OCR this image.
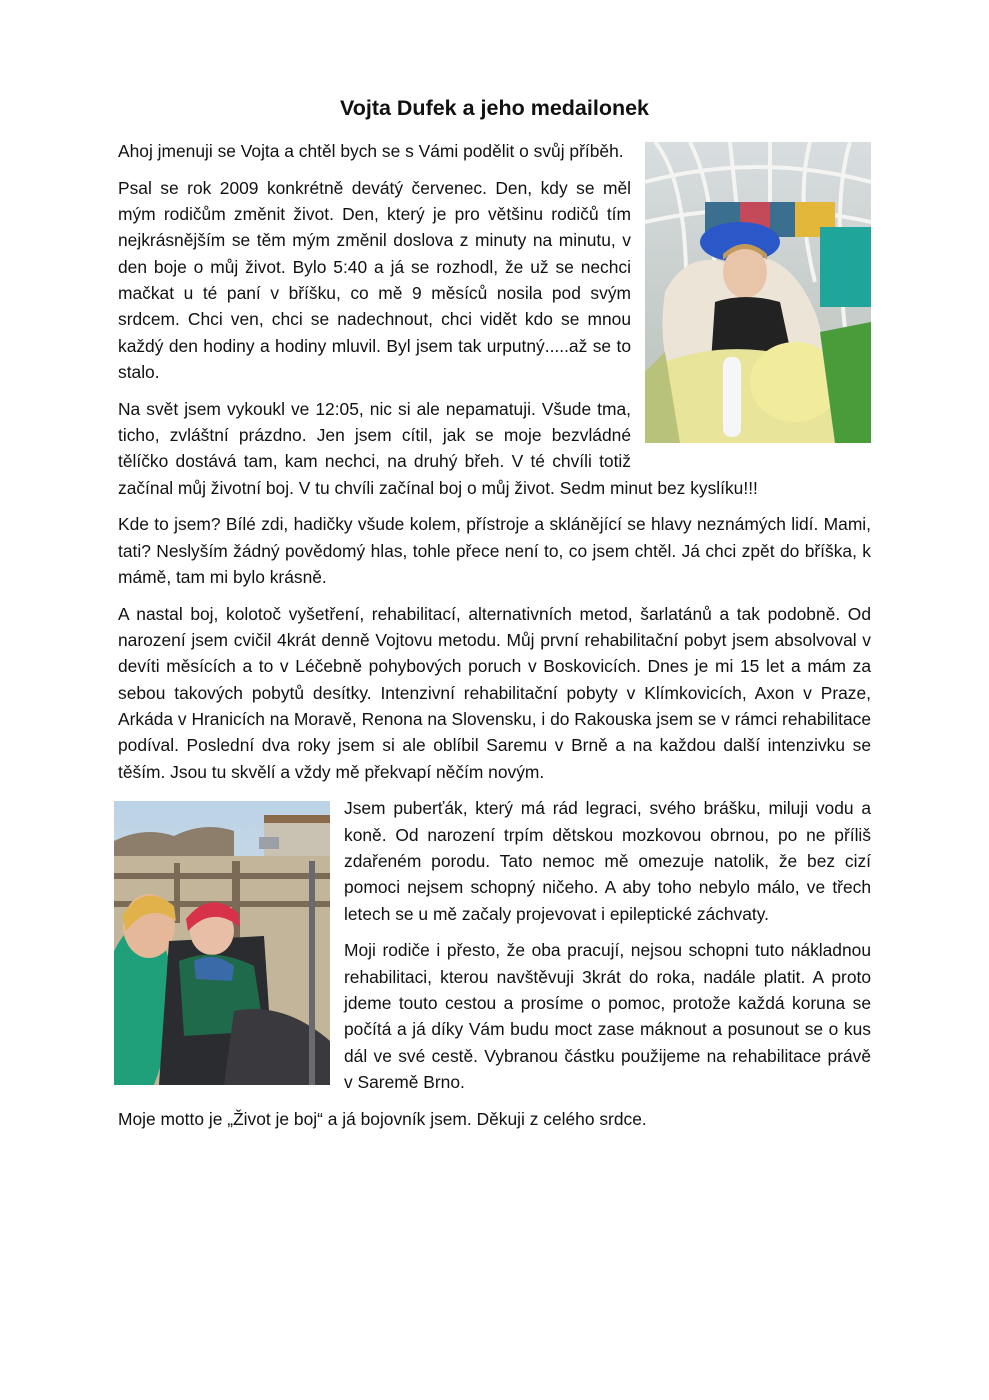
Vojta Dufek a jeho medailonek

Ahoj jmenuji se Vojta a chtěl bych se s Vámi podělit o svůj příběh.

Psal se rok 2009 konkrétně devátý červenec. Den, kdy se měl mým rodičům změnit život. Den, který je pro většinu rodičů tím nejkrásnějším se těm mým změnil doslova z minuty na minutu, v den boje o můj život. Bylo 5:40 a já se rozhodl, že už se nechci mačkat u té paní v bříšku, co mě 9 měsíců nosila pod svým srdcem. Chci ven, chci se nadechnout, chci vidět kdo se mnou každý den hodiny a hodiny mluvil. Byl jsem tak urputný.....až se to stalo.

Na svět jsem vykoukl ve 12:05, nic si ale nepamatuji. Všude tma, ticho, zvláštní prázdno. Jen jsem cítil, jak se moje bezvládné tělíčko dostává tam, kam nechci, na druhý břeh. V té chvíli totiž začínal můj životní boj. V tu chvíli začínal boj o můj život. Sedm minut bez kyslíku!!!

Kde to jsem? Bílé zdi, hadičky všude kolem, přístroje a sklánějící se hlavy neznámých lidí. Mami, tati? Neslyším žádný povědomý hlas, tohle přece není to, co jsem chtěl. Já chci zpět do bříška, k mámě, tam mi bylo krásně.

A nastal boj, kolotoč vyšetření, rehabilitací, alternativních metod, šarlatánů a tak podobně. Od narození jsem cvičil 4krát denně Vojtovu metodu. Můj první rehabilitační pobyt jsem absolvoval v devíti měsících a to v Léčebně pohybových poruch v Boskovicích. Dnes je mi 15 let a mám za sebou takových pobytů desítky. Intenzivní rehabilitační pobyty v Klímkovicích, Axon v Praze, Arkáda v Hranicích na Moravě, Renona na Slovensku, i do Rakouska jsem se v rámci rehabilitace podíval. Poslední dva roky jsem si ale oblíbil Saremu v Brně a na každou další intenzivku se těším. Jsou tu skvělí a vždy mě překvapí něčím novým.

Jsem puberťák, který má rád legraci, svého brášku, miluji vodu a koně. Od narození trpím dětskou mozkovou obrnou, po ne příliš zdařeném porodu. Tato nemoc mě omezuje natolik, že bez cizí pomoci nejsem schopný ničeho. A aby toho nebylo málo, ve třech letech se u mě začaly projevovat i epileptické záchvaty.

Moji rodiče i přesto, že oba pracují, nejsou schopni tuto nákladnou rehabilitaci, kterou navštěvuji 3krát do roka, nadále platit. A proto jdeme touto cestou a prosíme o pomoc, protože každá koruna se počítá a já díky Vám budu moct zase máknout a posunout se o kus dál ve své cestě. Vybranou částku použijeme na rehabilitace právě v Saremě Brno.

Moje motto je „Život je boj“ a já bojovník jsem. Děkuji z celého srdce.
